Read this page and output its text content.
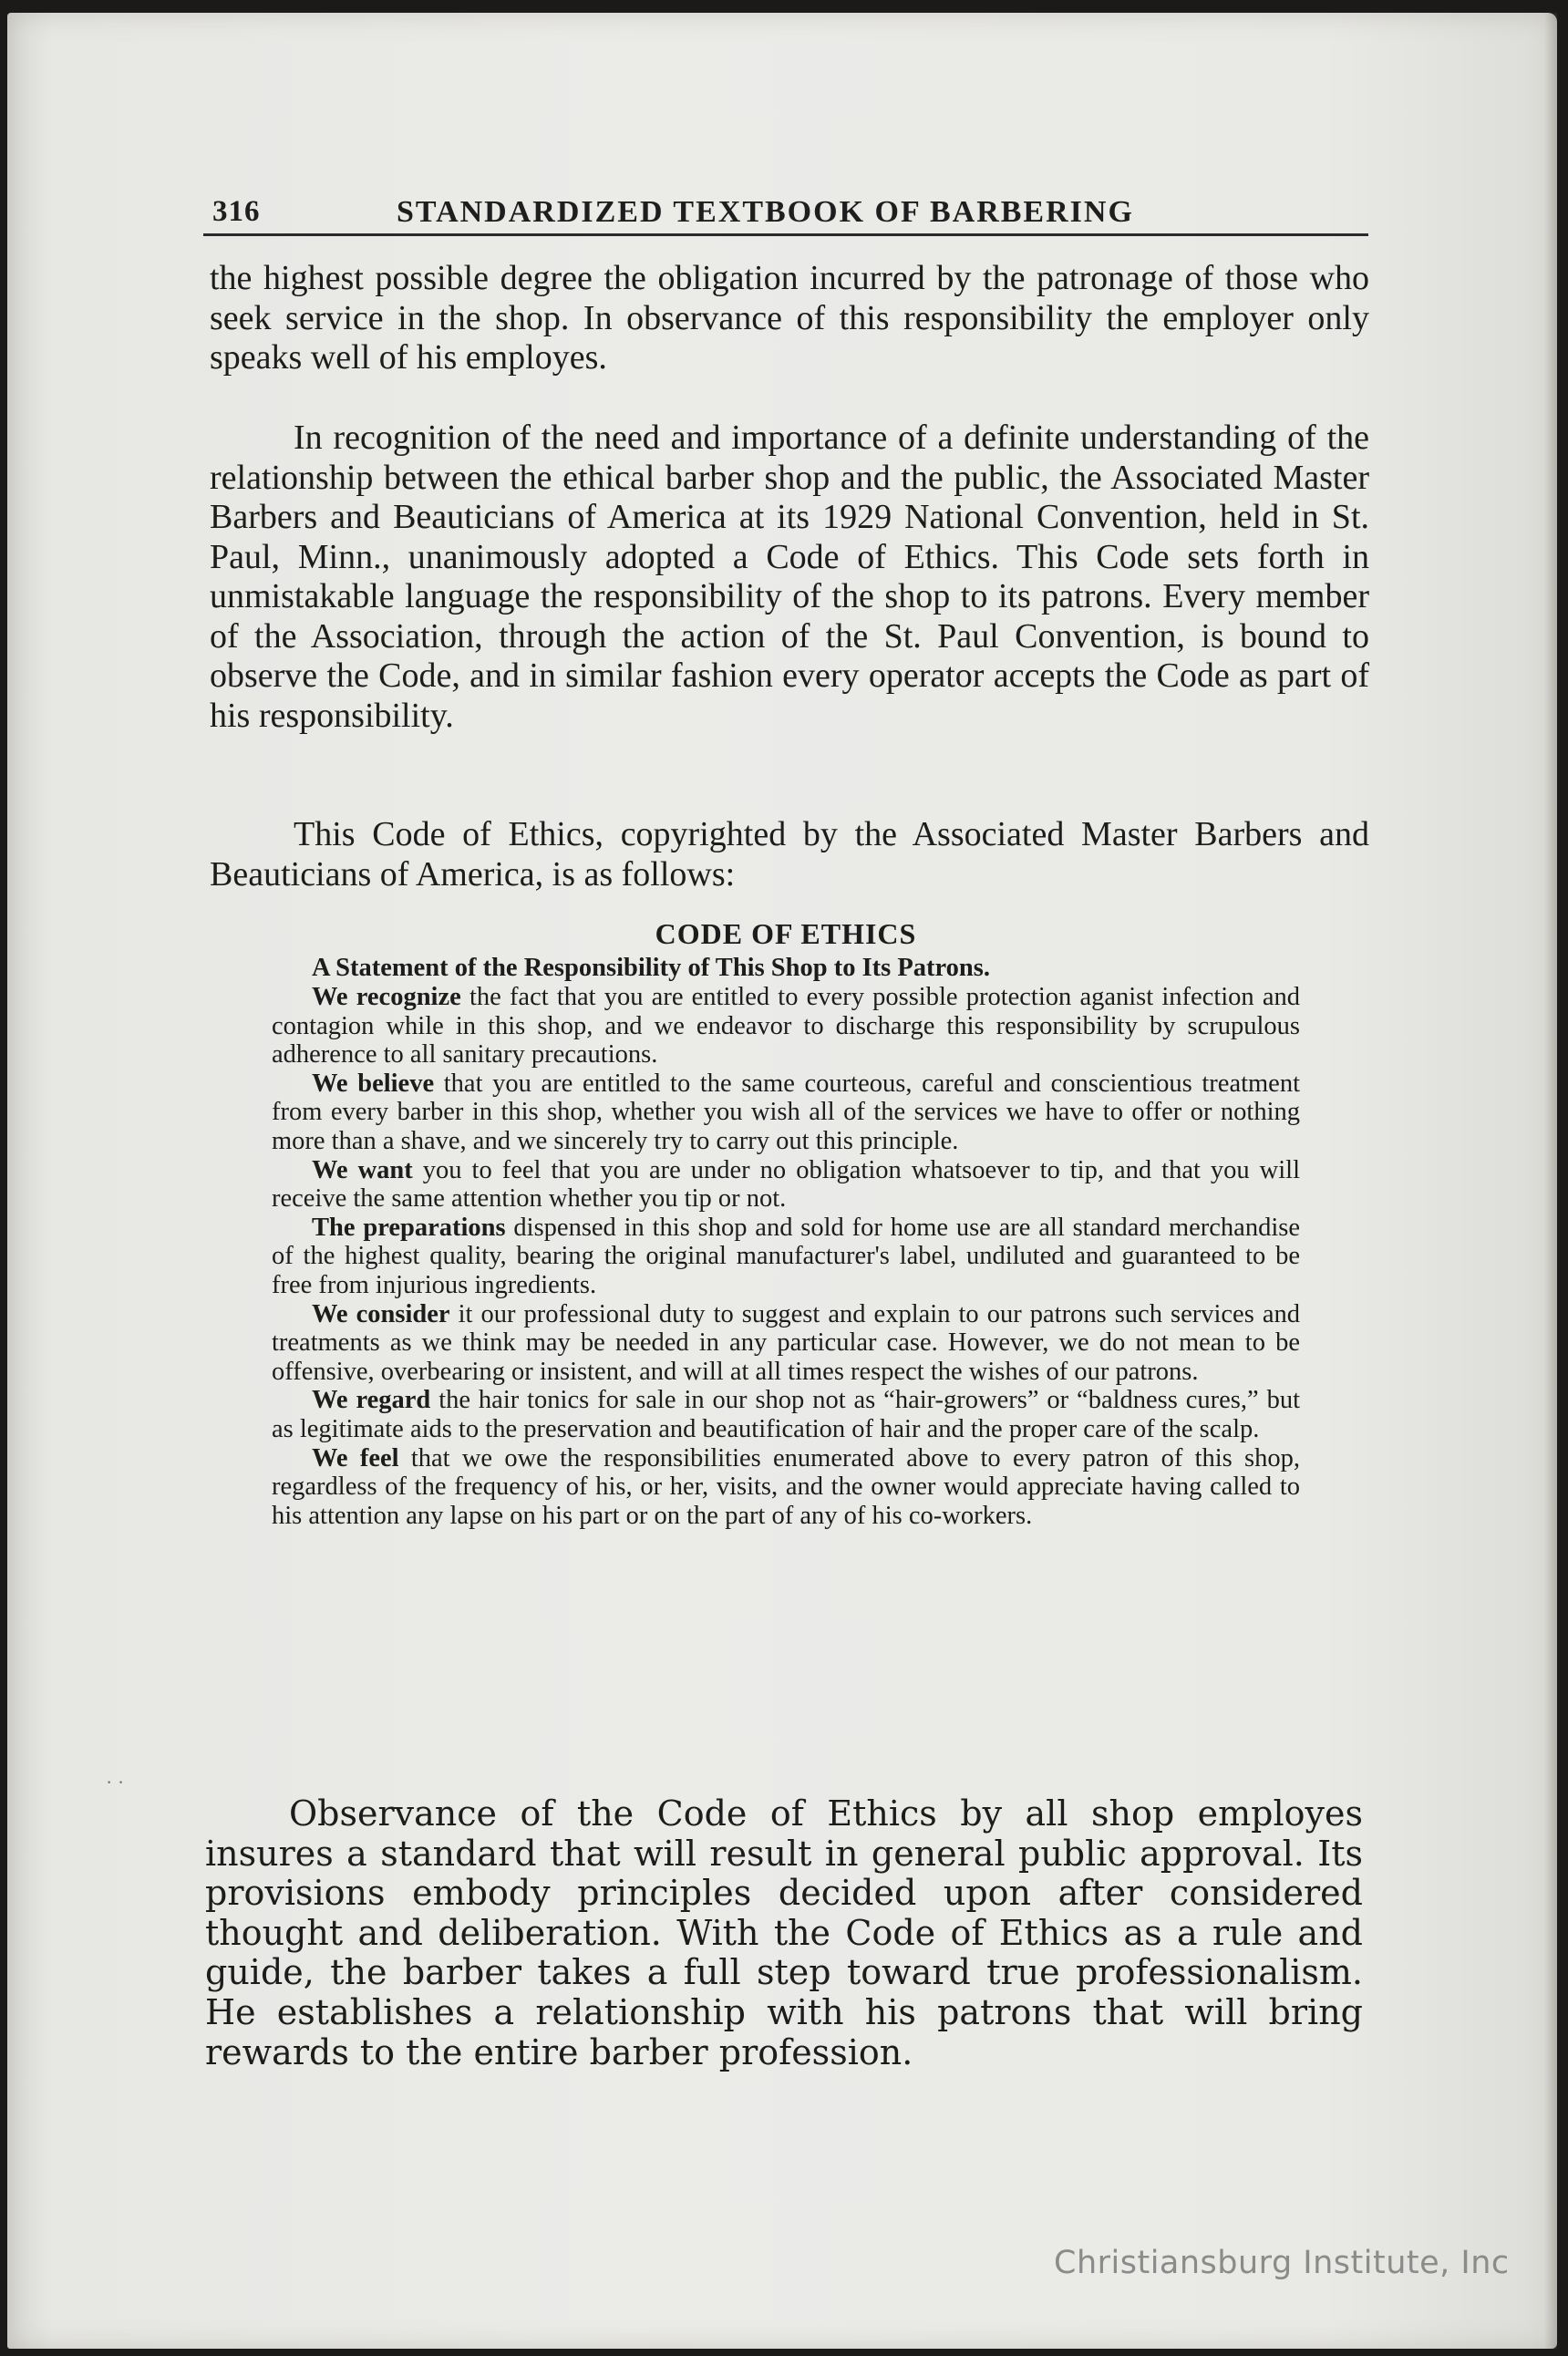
316	STANDARDIZED TEXTBOOK OF BARBERING

the highest possible degree the obligation incurred by the patronage of those who seek service in the shop. In observance of this responsibility the employer only speaks well of his employes.

In recognition of the need and importance of a definite understanding of the relationship between the ethical barber shop and the public, the Associated Master Barbers and Beauticians of America at its 1929 National Convention, held in St. Paul, Minn., unanimously adopted a Code of Ethics. This Code sets forth in unmistakable language the responsibility of the shop to its patrons. Every member of the Association, through the action of the St. Paul Convention, is bound to observe the Code, and in similar fashion every operator accepts the Code as part of his responsibility.

This Code of Ethics, copyrighted by the Associated Master Barbers and Beauticians of America, is as follows:

CODE OF ETHICS
A Statement of the Responsibility of This Shop to Its Patrons.

We recognize the fact that you are entitled to every possible protection aganist infection and contagion while in this shop, and we endeavor to discharge this responsibility by scrupulous adherence to all sanitary precautions.

We believe that you are entitled to the same courteous, careful and conscientious treatment from every barber in this shop, whether you wish all of the services we have to offer or nothing more than a shave, and we sincerely try to carry out this principle.

We want you to feel that you are under no obligation whatsoever to tip, and that you will receive the same attention whether you tip or not.

The preparations dispensed in this shop and sold for home use are all standard merchandise of the highest quality, bearing the original manufacturer's label, undiluted and guaranteed to be free from injurious ingredients.

We consider it our professional duty to suggest and explain to our patrons such services and treatments as we think may be needed in any particular case. However, we do not mean to be offensive, overbearing or insistent, and will at all times respect the wishes of our patrons.

We regard the hair tonics for sale in our shop not as “hair-growers” or “baldness cures,” but as legitimate aids to the preservation and beautification of hair and the proper care of the scalp.

We feel that we owe the responsibilities enumerated above to every patron of this shop, regardless of the frequency of his, or her, visits, and the owner would appreciate having called to his attention any lapse on his part or on the part of any of his co-workers.

· ·

Observance of the Code of Ethics by all shop employes insures a standard that will result in general public approval. Its provisions embody principles decided upon after considered thought and deliberation. With the Code of Ethics as a rule and guide, the barber takes a full step toward true professionalism. He establishes a relationship with his patrons that will bring rewards to the entire barber profession.

Christiansburg Institute, Inc
